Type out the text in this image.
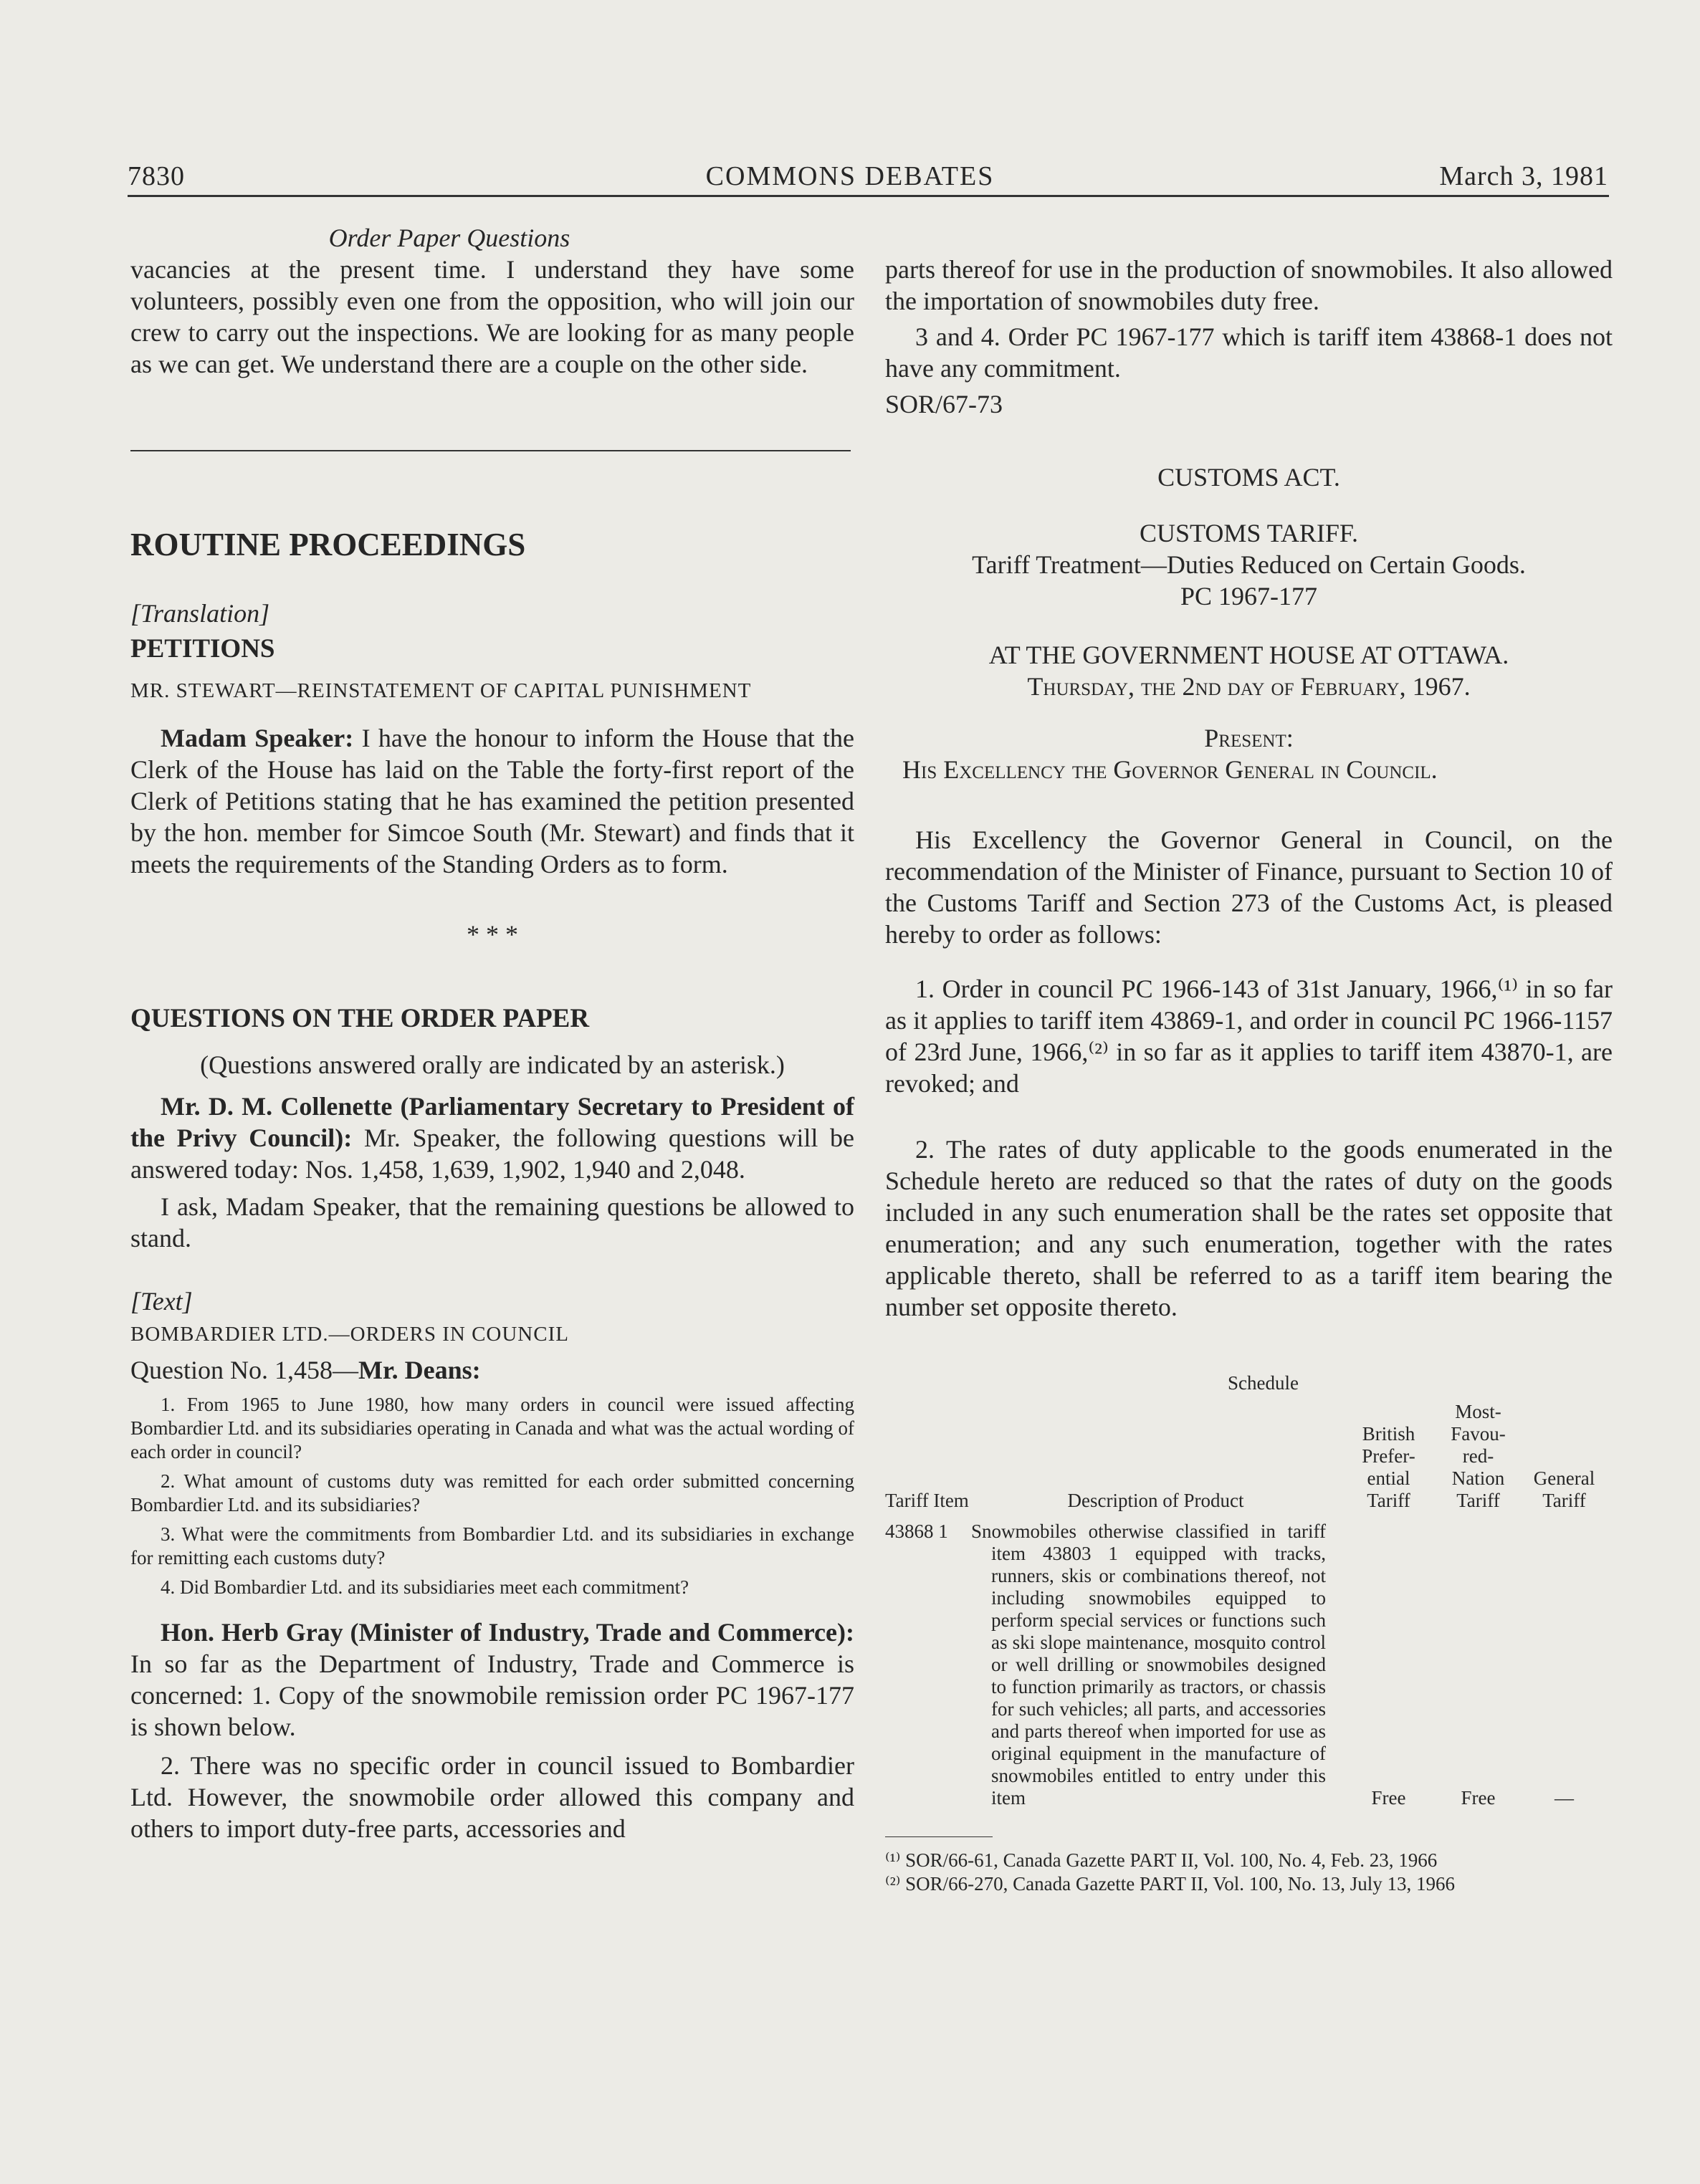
7830	COMMONS DEBATES	March 3, 1981

Order Paper Questions

vacancies at the present time. I understand they have some volunteers, possibly even one from the opposition, who will join our crew to carry out the inspections. We are looking for as many people as we can get. We understand there are a couple on the other side.

ROUTINE PROCEEDINGS

[Translation]

PETITIONS

MR. STEWART—REINSTATEMENT OF CAPITAL PUNISHMENT

Madam Speaker: I have the honour to inform the House that the Clerk of the House has laid on the Table the forty-first report of the Clerk of Petitions stating that he has examined the petition presented by the hon. member for Simcoe South (Mr. Stewart) and finds that it meets the requirements of the Standing Orders as to form.

* * *

QUESTIONS ON THE ORDER PAPER

(Questions answered orally are indicated by an asterisk.)

Mr. D. M. Collenette (Parliamentary Secretary to President of the Privy Council): Mr. Speaker, the following questions will be answered today: Nos. 1,458, 1,639, 1,902, 1,940 and 2,048.

I ask, Madam Speaker, that the remaining questions be allowed to stand.

[Text]

BOMBARDIER LTD.—ORDERS IN COUNCIL

Question No. 1,458—Mr. Deans:

1. From 1965 to June 1980, how many orders in council were issued affecting Bombardier Ltd. and its subsidiaries operating in Canada and what was the actual wording of each order in council?

2. What amount of customs duty was remitted for each order submitted concerning Bombardier Ltd. and its subsidiaries?

3. What were the commitments from Bombardier Ltd. and its subsidiaries in exchange for remitting each customs duty?

4. Did Bombardier Ltd. and its subsidiaries meet each commitment?

Hon. Herb Gray (Minister of Industry, Trade and Commerce): In so far as the Department of Industry, Trade and Commerce is concerned: 1. Copy of the snowmobile remission order PC 1967-177 is shown below.

2. There was no specific order in council issued to Bombardier Ltd. However, the snowmobile order allowed this company and others to import duty-free parts, accessories and

parts thereof for use in the production of snowmobiles. It also allowed the importation of snowmobiles duty free.

3 and 4. Order PC 1967-177 which is tariff item 43868-1 does not have any commitment.

SOR/67-73

CUSTOMS ACT.

CUSTOMS TARIFF.

Tariff Treatment—Duties Reduced on Certain Goods.

PC 1967-177

AT THE GOVERNMENT HOUSE AT OTTAWA.

Thursday, the 2nd day of February, 1967.

Present:

His Excellency the Governor General in Council.

His Excellency the Governor General in Council, on the recommendation of the Minister of Finance, pursuant to Section 10 of the Customs Tariff and Section 273 of the Customs Act, is pleased hereby to order as follows:

1. Order in council PC 1966-143 of 31st January, 1966,⁽¹⁾ in so far as it applies to tariff item 43869-1, and order in council PC 1966-1157 of 23rd June, 1966,⁽²⁾ in so far as it applies to tariff item 43870-1, are revoked; and

2. The rates of duty applicable to the goods enumerated in the Schedule hereto are reduced so that the rates of duty on the goods included in any such enumeration shall be the rates set opposite that enumeration; and any such enumeration, together with the rates applicable thereto, shall be referred to as a tariff item bearing the number set opposite thereto.

Schedule

Tariff Item	Description of Product	British Prefer- ential Tariff	Most- Favou- red- Nation Tariff	General Tariff

43868 1	Snowmobiles otherwise classified in tariff item 43803 1 equipped with tracks, runners, skis or combinations thereof, not including snowmobiles equipped to perform special services or functions such as ski slope maintenance, mosquito control or well drilling or snowmobiles designed to function primarily as tractors, or chassis for such vehicles; all parts, and accessories and parts thereof when imported for use as original equipment in the manufacture of snowmobiles entitled to entry under this item	Free	Free	—

⁽¹⁾ SOR/66-61, Canada Gazette PART II, Vol. 100, No. 4, Feb. 23, 1966

⁽²⁾ SOR/66-270, Canada Gazette PART II, Vol. 100, No. 13, July 13, 1966
